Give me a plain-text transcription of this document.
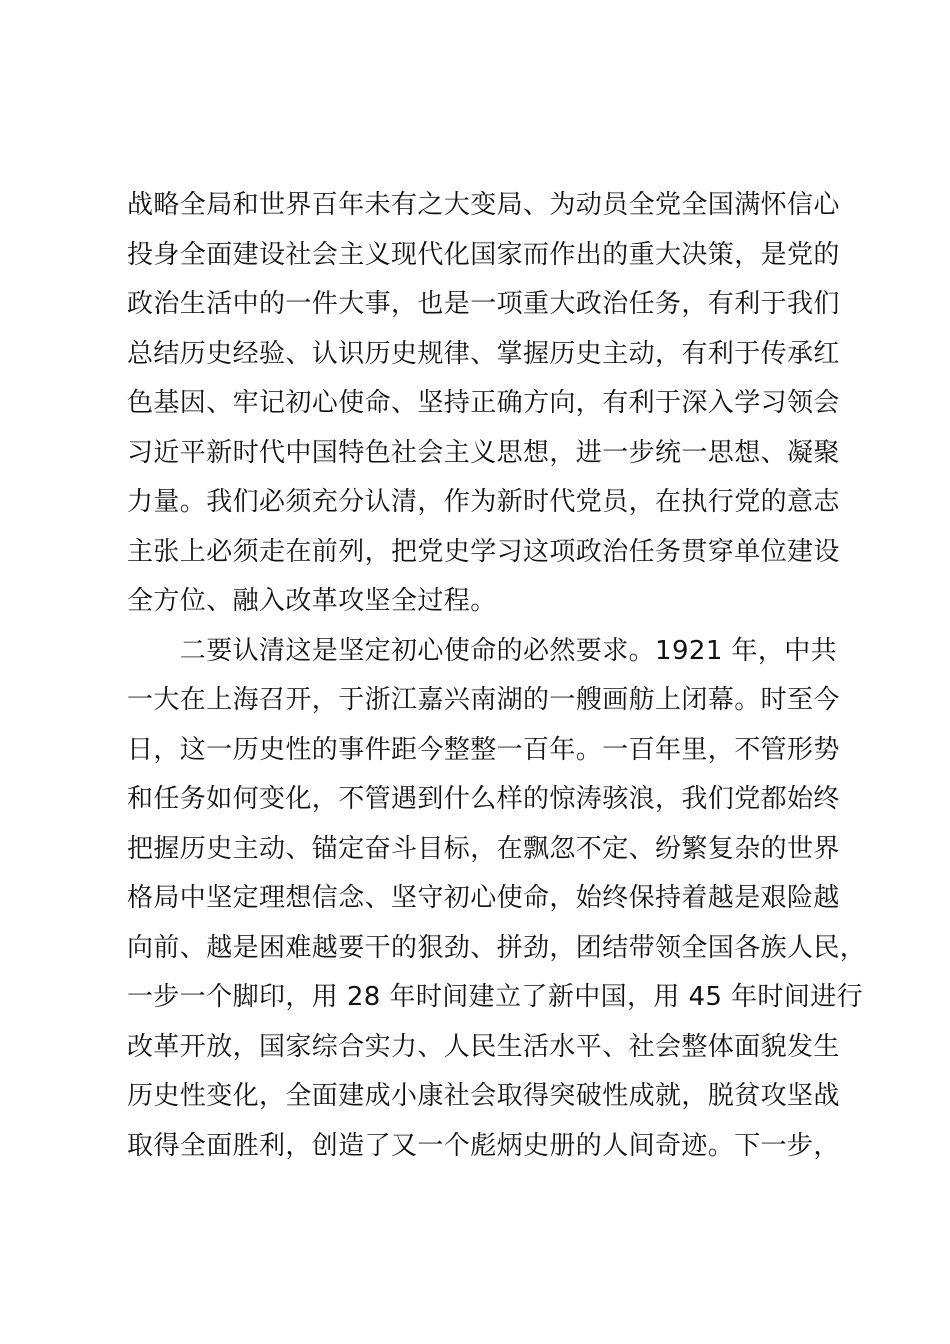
战略全局和世界百年未有之大变局、为动员全党全国满怀信心
投身全面建设社会主义现代化国家而作出的重大决策，是党的
政治生活中的一件大事，也是一项重大政治任务，有利于我们
总结历史经验、认识历史规律、掌握历史主动，有利于传承红
色基因、牢记初心使命、坚持正确方向，有利于深入学习领会
习近平新时代中国特色社会主义思想，进一步统一思想、凝聚
力量。我们必须充分认清，作为新时代党员，在执行党的意志
主张上必须走在前列，把党史学习这项政治任务贯穿单位建设
全方位、融入改革攻坚全过程。
　　二要认清这是坚定初心使命的必然要求。1921 年，中共
一大在上海召开，于浙江嘉兴南湖的一艘画舫上闭幕。时至今
日，这一历史性的事件距今整整一百年。一百年里，不管形势
和任务如何变化，不管遇到什么样的惊涛骇浪，我们党都始终
把握历史主动、锚定奋斗目标，在飘忽不定、纷繁复杂的世界
格局中坚定理想信念、坚守初心使命，始终保持着越是艰险越
向前、越是困难越要干的狠劲、拼劲，团结带领全国各族人民，
一步一个脚印，用 28 年时间建立了新中国，用 45 年时间进行
改革开放，国家综合实力、人民生活水平、社会整体面貌发生
历史性变化，全面建成小康社会取得突破性成就，脱贫攻坚战
取得全面胜利，创造了又一个彪炳史册的人间奇迹。下一步，
